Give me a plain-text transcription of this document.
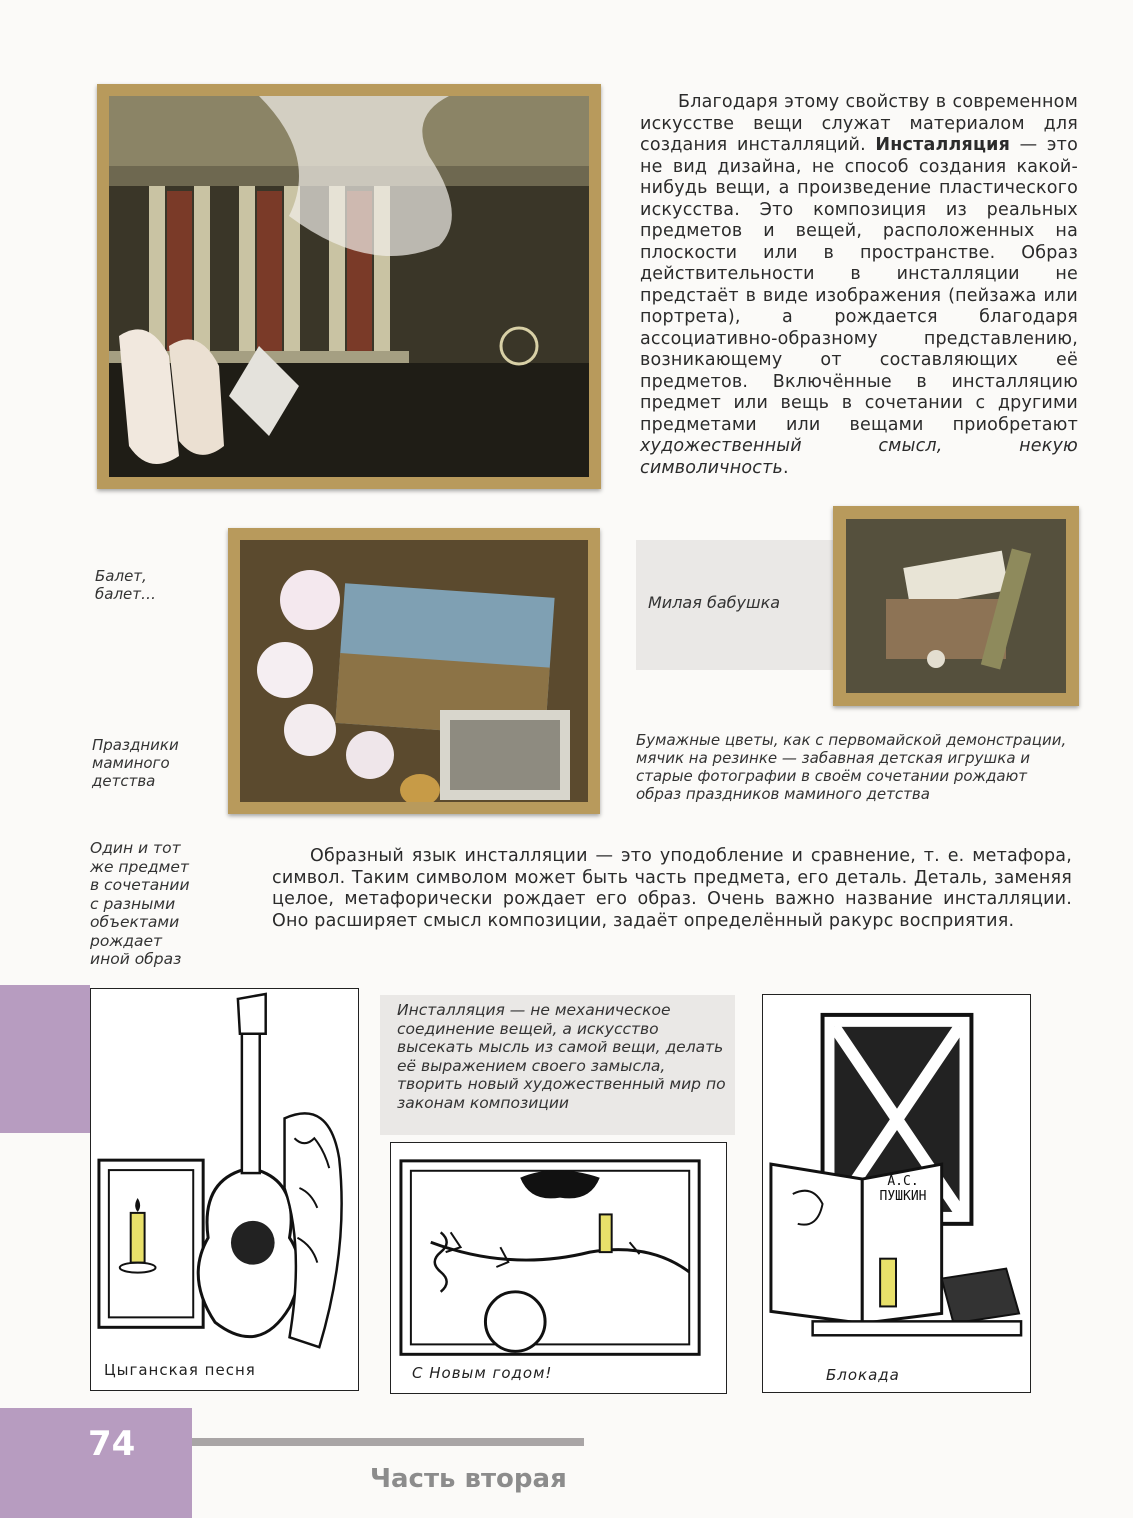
Благодаря этому свойству в современном искусстве вещи служат материалом для создания инсталляций. Инсталляция — это не вид дизайна, не способ создания какой-нибудь вещи, а произведение пластического искусства. Это композиция из реальных предметов и вещей, расположенных на плоскости или в пространстве. Образ действительности в инсталляции не предстаёт в виде изображения (пейзажа или портрета), а рождается благодаря ассоциативно-образному представлению, возникающему от составляющих её предметов. Включённые в инсталляцию предмет или вещь в сочетании с другими предметами или вещами приобретают художественный смысл, некую символичность.

Балет,
балет…
Праздники
маминого
детства
Милая бабушка
Бумажные цветы, как с первомайской демонстрации, мячик на резинке — забавная детская игрушка и старые фотографии в своём сочетании рождают образ праздников маминого детства
Один и тот
же предмет
в сочетании
с разными
объектами
рождает
иной образ

Образный язык инсталляции — это уподобление и сравнение, т. е. метафора, символ. Таким символом может быть часть предмета, его деталь. Деталь, заменяя целое, метафорически рождает его образ. Очень важно название инсталляции. Оно расширяет смысл композиции, задаёт определённый ракурс восприятия.

Инсталляция — не механическое соединение вещей, а искусство высекать мысль из самой вещи, делать её выражением своего замысла, творить новый художественный мир по законам композиции
Цыганская песня	С Новым годом!
А.С.
ПУШКИН
Блокада
74
Часть вторая
